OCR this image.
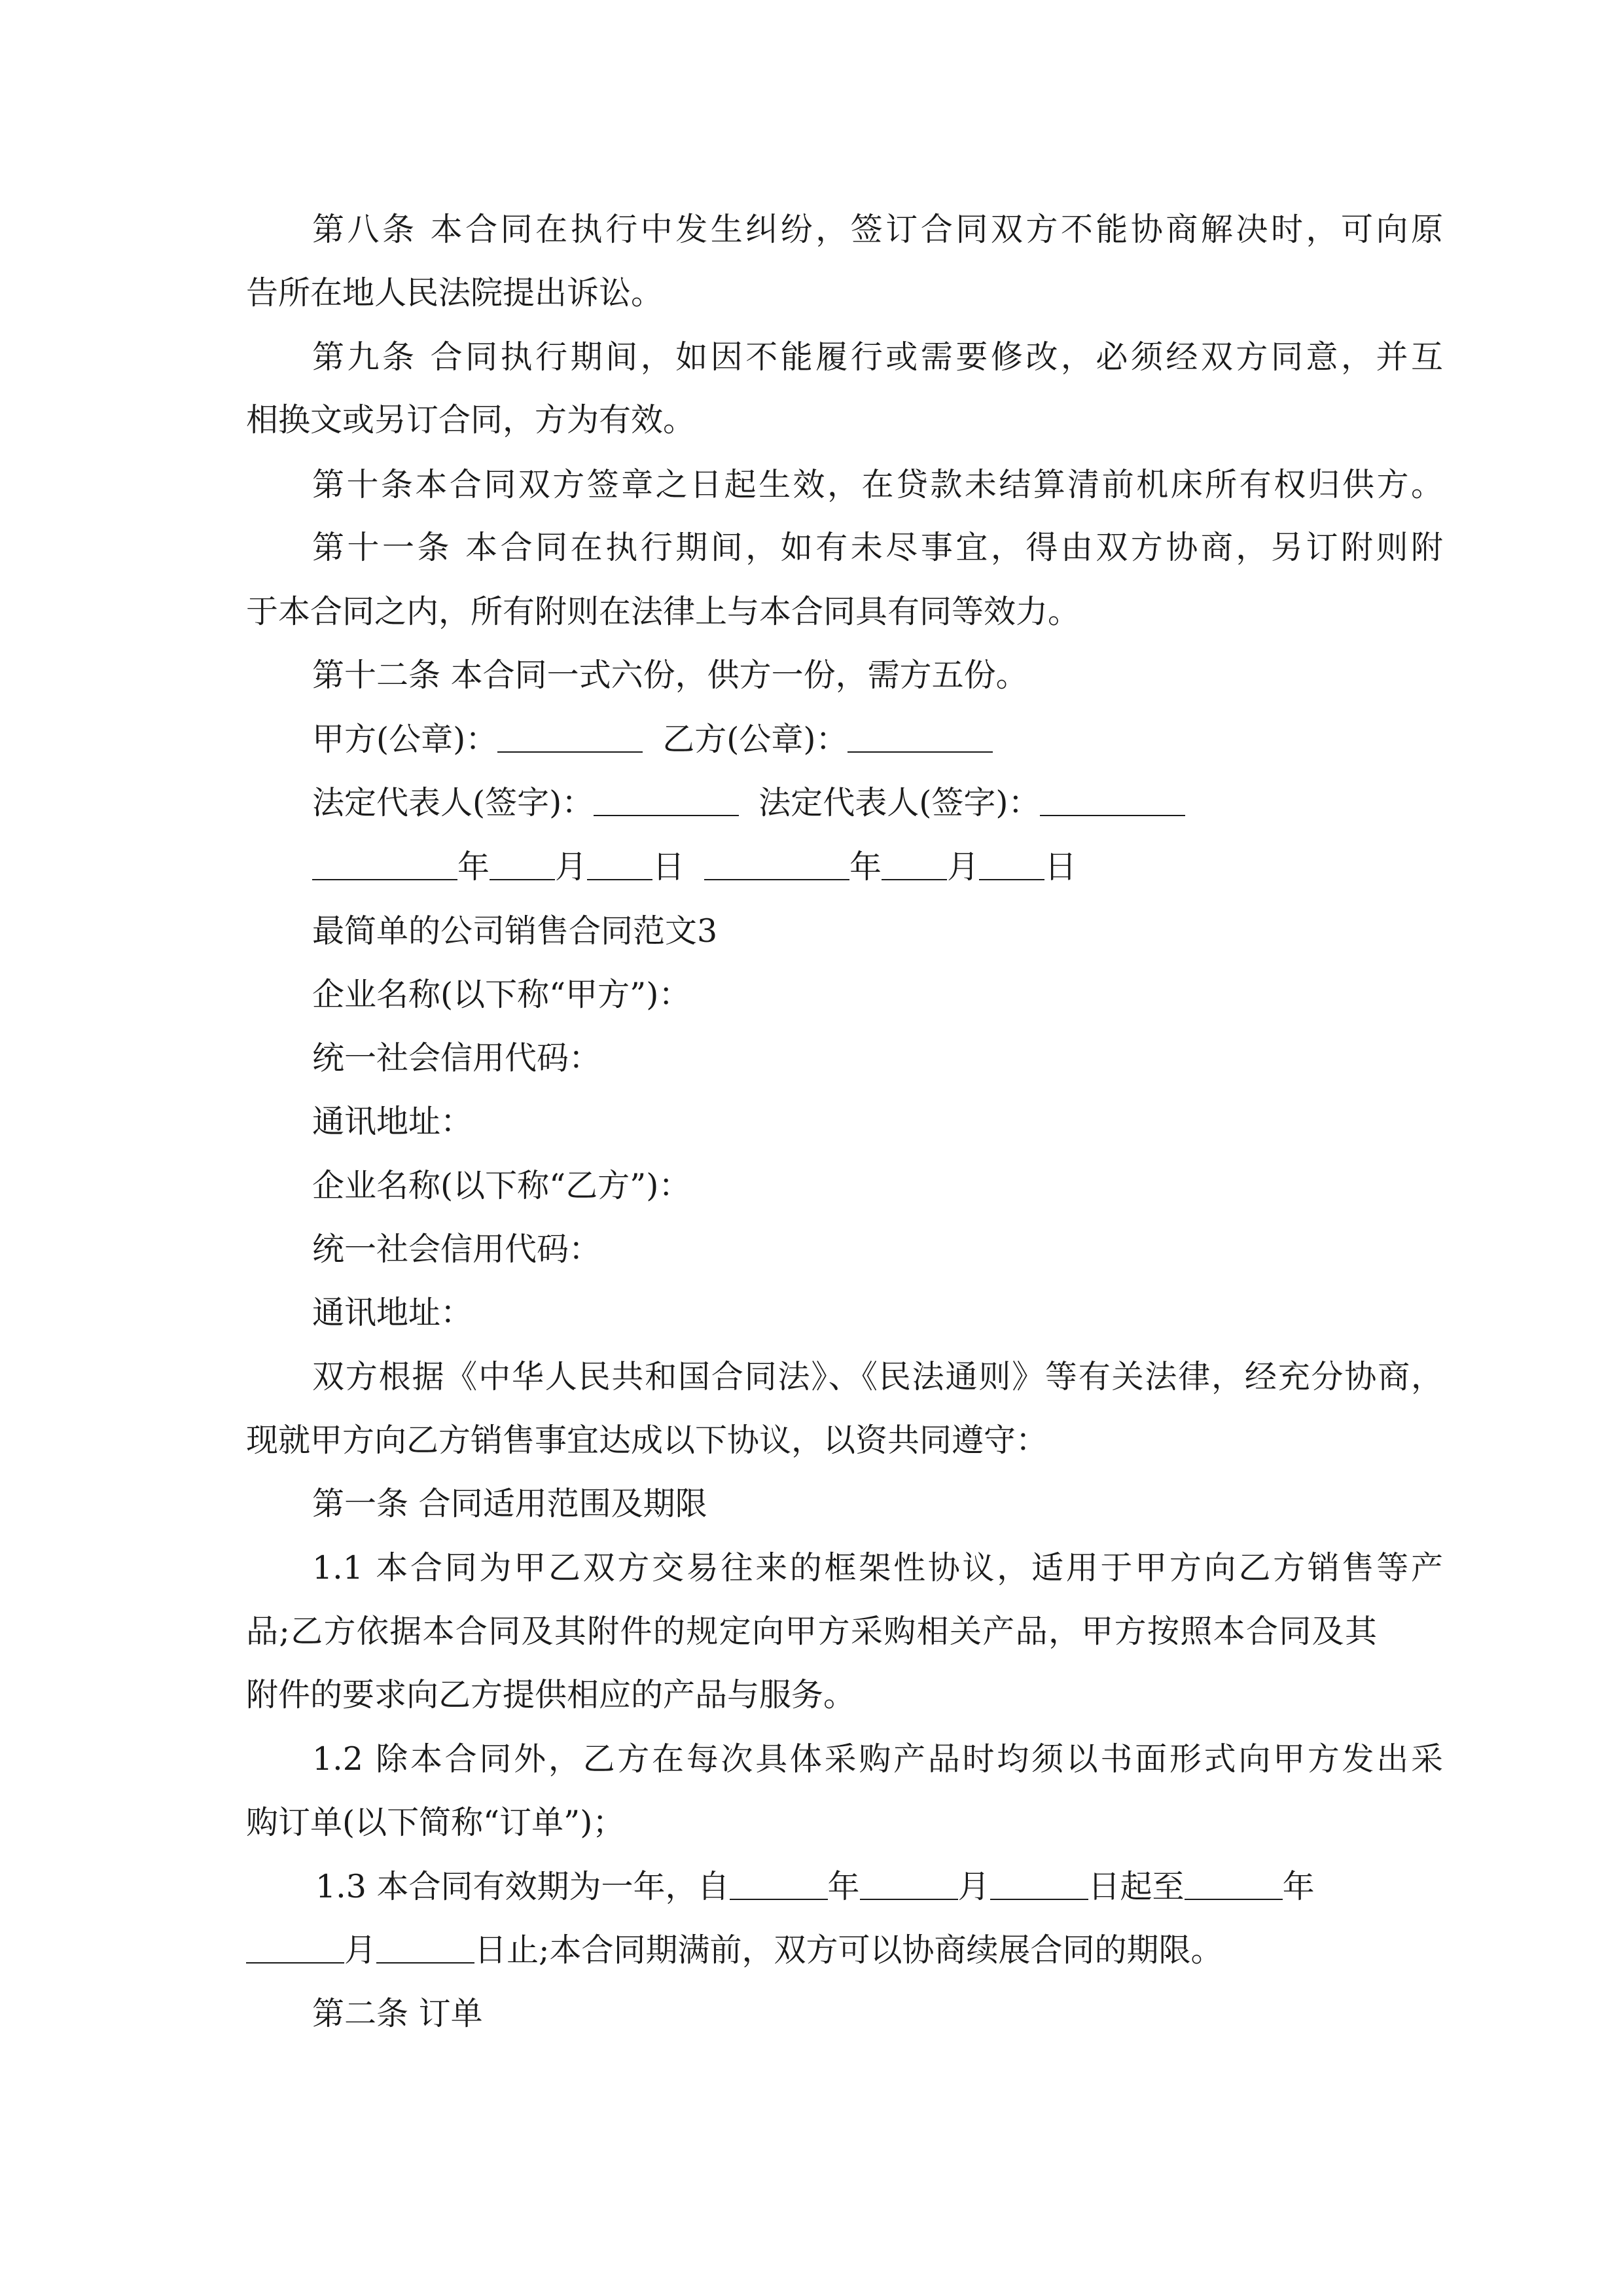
第八条 本合同在执行中发生纠纷，签订合同双方不能协商解决时，可向原
告所在地人民法院提出诉讼。
第九条 合同执行期间，如因不能履行或需要修改，必须经双方同意，并互
相换文或另订合同，方为有效。
第十条本合同双方签章之日起生效，在贷款未结算清前机床所有权归供方。
第十一条 本合同在执行期间，如有未尽事宜，得由双方协商，另订附则附
于本合同之内，所有附则在法律上与本合同具有同等效力。
第十二条 本合同一式六份，供方一份，需方五份。
甲方(公章)：	乙方(公章)：
法定代表人(签字)：	法定代表人(签字)：
年 月 日	年 月 日
最简单的公司销售合同范文3
企业名称(以下称“甲方”)：
统一社会信用代码：
通讯地址：
企业名称(以下称“乙方”)：
统一社会信用代码：
通讯地址：
双方根据《中华人民共和国合同法》、《民法通则》等有关法律，经充分协商，
现就甲方向乙方销售事宜达成以下协议，以资共同遵守：
第一条 合同适用范围及期限
1.1 本合同为甲乙双方交易往来的框架性协议，适用于甲方向乙方销售等产
品;乙方依据本合同及其附件的规定向甲方采购相关产品，甲方按照本合同及其
附件的要求向乙方提供相应的产品与服务。
1.2 除本合同外，乙方在每次具体采购产品时均须以书面形式向甲方发出采
购订单(以下简称“订单”)；
1.3 本合同有效期为一年，自	年	月	日起至	年
月	日止;本合同期满前，双方可以协商续展合同的期限。
第二条 订单
